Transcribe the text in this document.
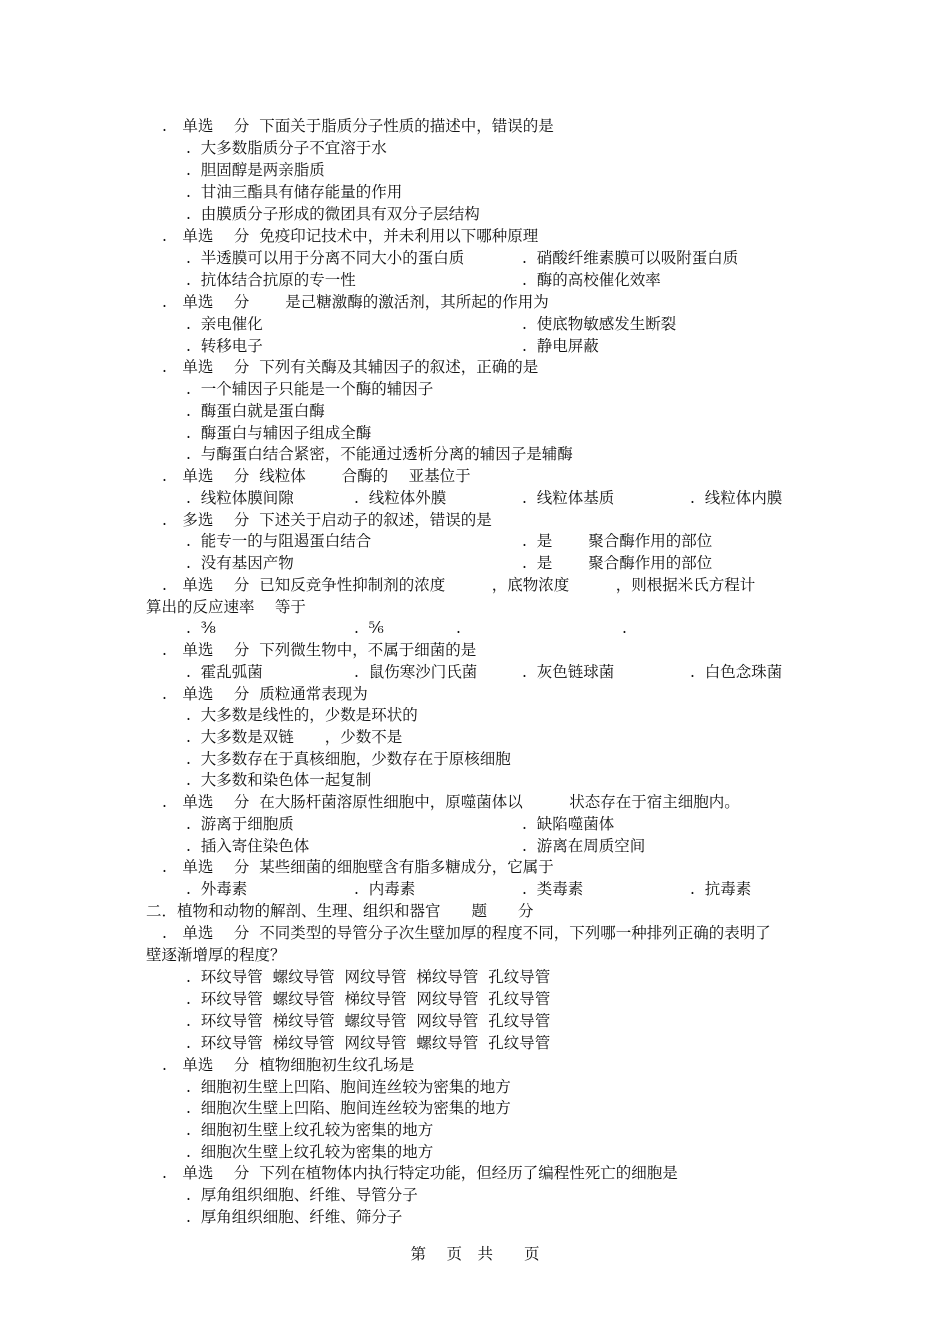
.　单选　 分  下面关于脂质分子性质的描述中，错误的是
.  大多数脂质分子不宜溶于水
.  胆固醇是两亲脂质
.  甘油三酯具有储存能量的作用
.  由膜质分子形成的微团具有双分子层结构
.　单选　 分  免疫印记技术中，并未利用以下哪种原理

.  半透膜可以用于分离不同大小的蛋白质

	.  硝酸纤维素膜可以吸附蛋白质

.  抗体结合抗原的专一性

	.  酶的高校催化效率

.　单选　 分　　 是己糖激酶的激活剂，其所起的作用为

.  亲电催化

	.  使底物敏感发生断裂

.  转移电子

	.  静电屏蔽

.　单选　 分  下列有关酶及其辅因子的叙述，正确的是
.  一个辅因子只能是一个酶的辅因子
.  酶蛋白就是蛋白酶
.  酶蛋白与辅因子组成全酶
.  与酶蛋白结合紧密，不能通过透析分离的辅因子是辅酶
.　单选　 分  线粒体　　 合酶的　 亚基位于

.  线粒体膜间隙

	.  线粒体外膜

	.  线粒体基质

	.  线粒体内膜

.　多选　 分  下述关于启动子的叙述，错误的是

.  能专一的与阻遏蛋白结合

	.  是　　 聚合酶作用的部位

.  没有基因产物

	.  是　　 聚合酶作用的部位

.　单选　 分  已知反竞争性抑制剂的浓度　　　，底物浓度　　　，则根据米氏方程计
算出的反应速率　 等于

.  ⅜

	.  ⅚

	.

	.

.　单选　 分  下列微生物中，不属于细菌的是

.  霍乱弧菌

	.  鼠伤寒沙门氏菌

	.  灰色链球菌

	.  白色念珠菌

.　单选　 分  质粒通常表现为
.  大多数是线性的，少数是环状的
.  大多数是双链　　，少数不是
.  大多数存在于真核细胞，少数存在于原核细胞
.  大多数和染色体一起复制
.　单选　 分  在大肠杆菌溶原性细胞中，原噬菌体以　　　状态存在于宿主细胞内。

.  游离于细胞质

	.  缺陷噬菌体

.  插入寄住染色体

	.  游离在周质空间

.　单选　 分  某些细菌的细胞壁含有脂多糖成分，它属于

.  外毒素

	.  内毒素

	.  类毒素

	.  抗毒素

二．植物和动物的解剖、生理、组织和器官　　题　　分
.　单选　 分  不同类型的导管分子次生壁加厚的程度不同，下列哪一种排列正确的表明了
壁逐渐增厚的程度？
.  环纹导管  螺纹导管  网纹导管  梯纹导管  孔纹导管
.  环纹导管  螺纹导管  梯纹导管  网纹导管  孔纹导管
.  环纹导管  梯纹导管  螺纹导管  网纹导管  孔纹导管
.  环纹导管  梯纹导管  网纹导管  螺纹导管  孔纹导管
.　单选　 分  植物细胞初生纹孔场是
.  细胞初生壁上凹陷、胞间连丝较为密集的地方
.  细胞次生壁上凹陷、胞间连丝较为密集的地方
.  细胞初生壁上纹孔较为密集的地方
.  细胞次生壁上纹孔较为密集的地方
.　单选　 分  下列在植物体内执行特定功能，但经历了编程性死亡的细胞是
.  厚角组织细胞、纤维、导管分子
.  厚角组织细胞、纤维、筛分子
第　 页　共　　页
